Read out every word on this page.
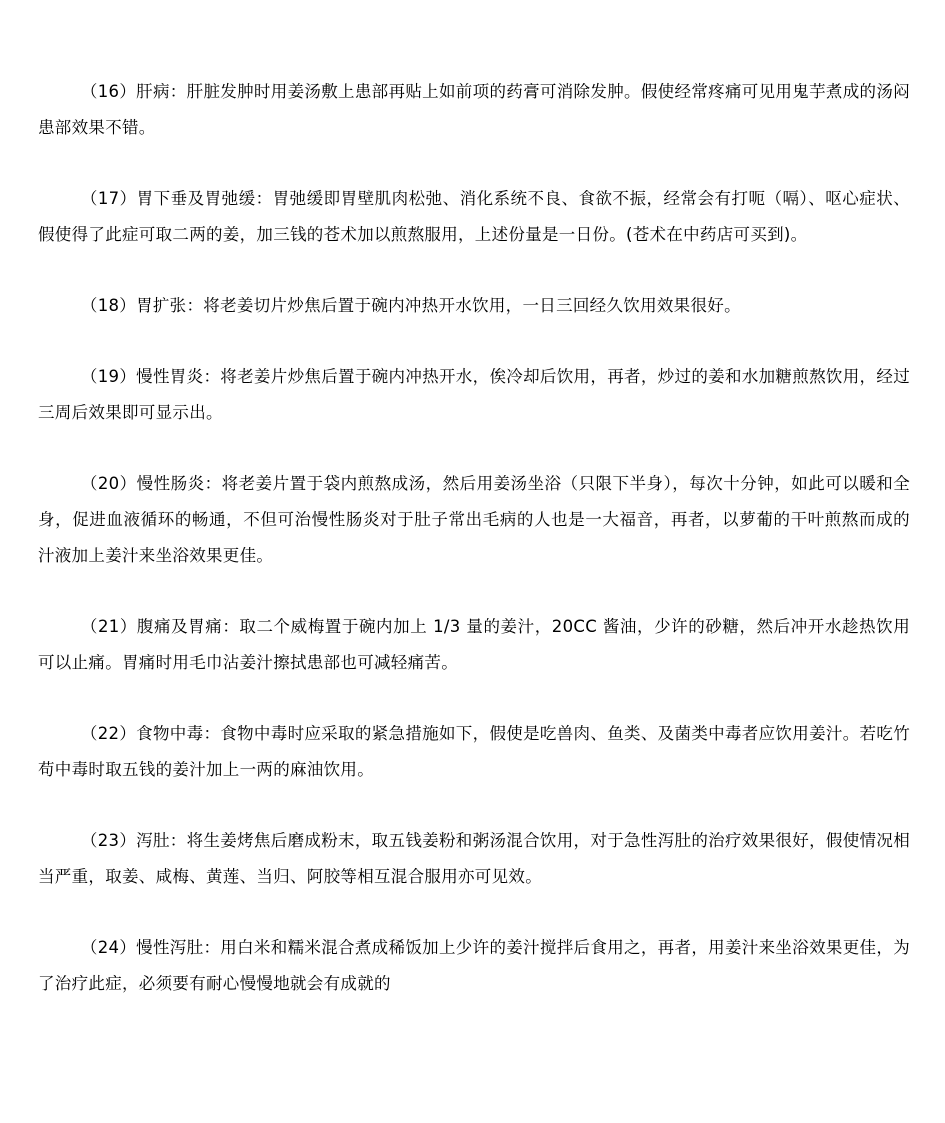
（16）肝病：肝脏发肿时用姜汤敷上患部再贴上如前项的药膏可消除发肿。假使经常疼痛可见用鬼芋煮成的汤闷患部效果不错。

（17）胃下垂及胃弛缓：胃弛缓即胃壁肌肉松弛、消化系统不良、食欲不振，经常会有打呃（嗝）、呕心症状、假使得了此症可取二两的姜，加三钱的苍术加以煎熬服用，上述份量是一日份。(苍术在中药店可买到)。

（18）胃扩张：将老姜切片炒焦后置于碗内冲热开水饮用，一日三回经久饮用效果很好。

（19）慢性胃炎：将老姜片炒焦后置于碗内冲热开水，俟冷却后饮用，再者，炒过的姜和水加糖煎熬饮用，经过三周后效果即可显示出。

（20）慢性肠炎：将老姜片置于袋内煎熬成汤，然后用姜汤坐浴（只限下半身），每次十分钟，如此可以暖和全身，促进血液循环的畅通，不但可治慢性肠炎对于肚子常出毛病的人也是一大福音，再者，以萝葡的干叶煎熬而成的汁液加上姜汁来坐浴效果更佳。

（21）腹痛及胃痛：取二个威梅置于碗内加上 1/3 量的姜汁，20CC 酱油，少许的砂糖，然后冲开水趁热饮用可以止痛。胃痛时用毛巾沾姜汁擦拭患部也可减轻痛苦。

（22）食物中毒：食物中毒时应采取的紧急措施如下，假使是吃兽肉、鱼类、及菌类中毒者应饮用姜汁。若吃竹苟中毒时取五钱的姜汁加上一两的麻油饮用。

（23）泻肚：将生姜烤焦后磨成粉末，取五钱姜粉和粥汤混合饮用，对于急性泻肚的治疗效果很好，假使情况相当严重，取姜、咸梅、黄莲、当归、阿胶等相互混合服用亦可见效。

（24）慢性泻肚：用白米和糯米混合煮成稀饭加上少许的姜汁搅拌后食用之，再者，用姜汁来坐浴效果更佳，为了治疗此症，必须要有耐心慢慢地就会有成就的
